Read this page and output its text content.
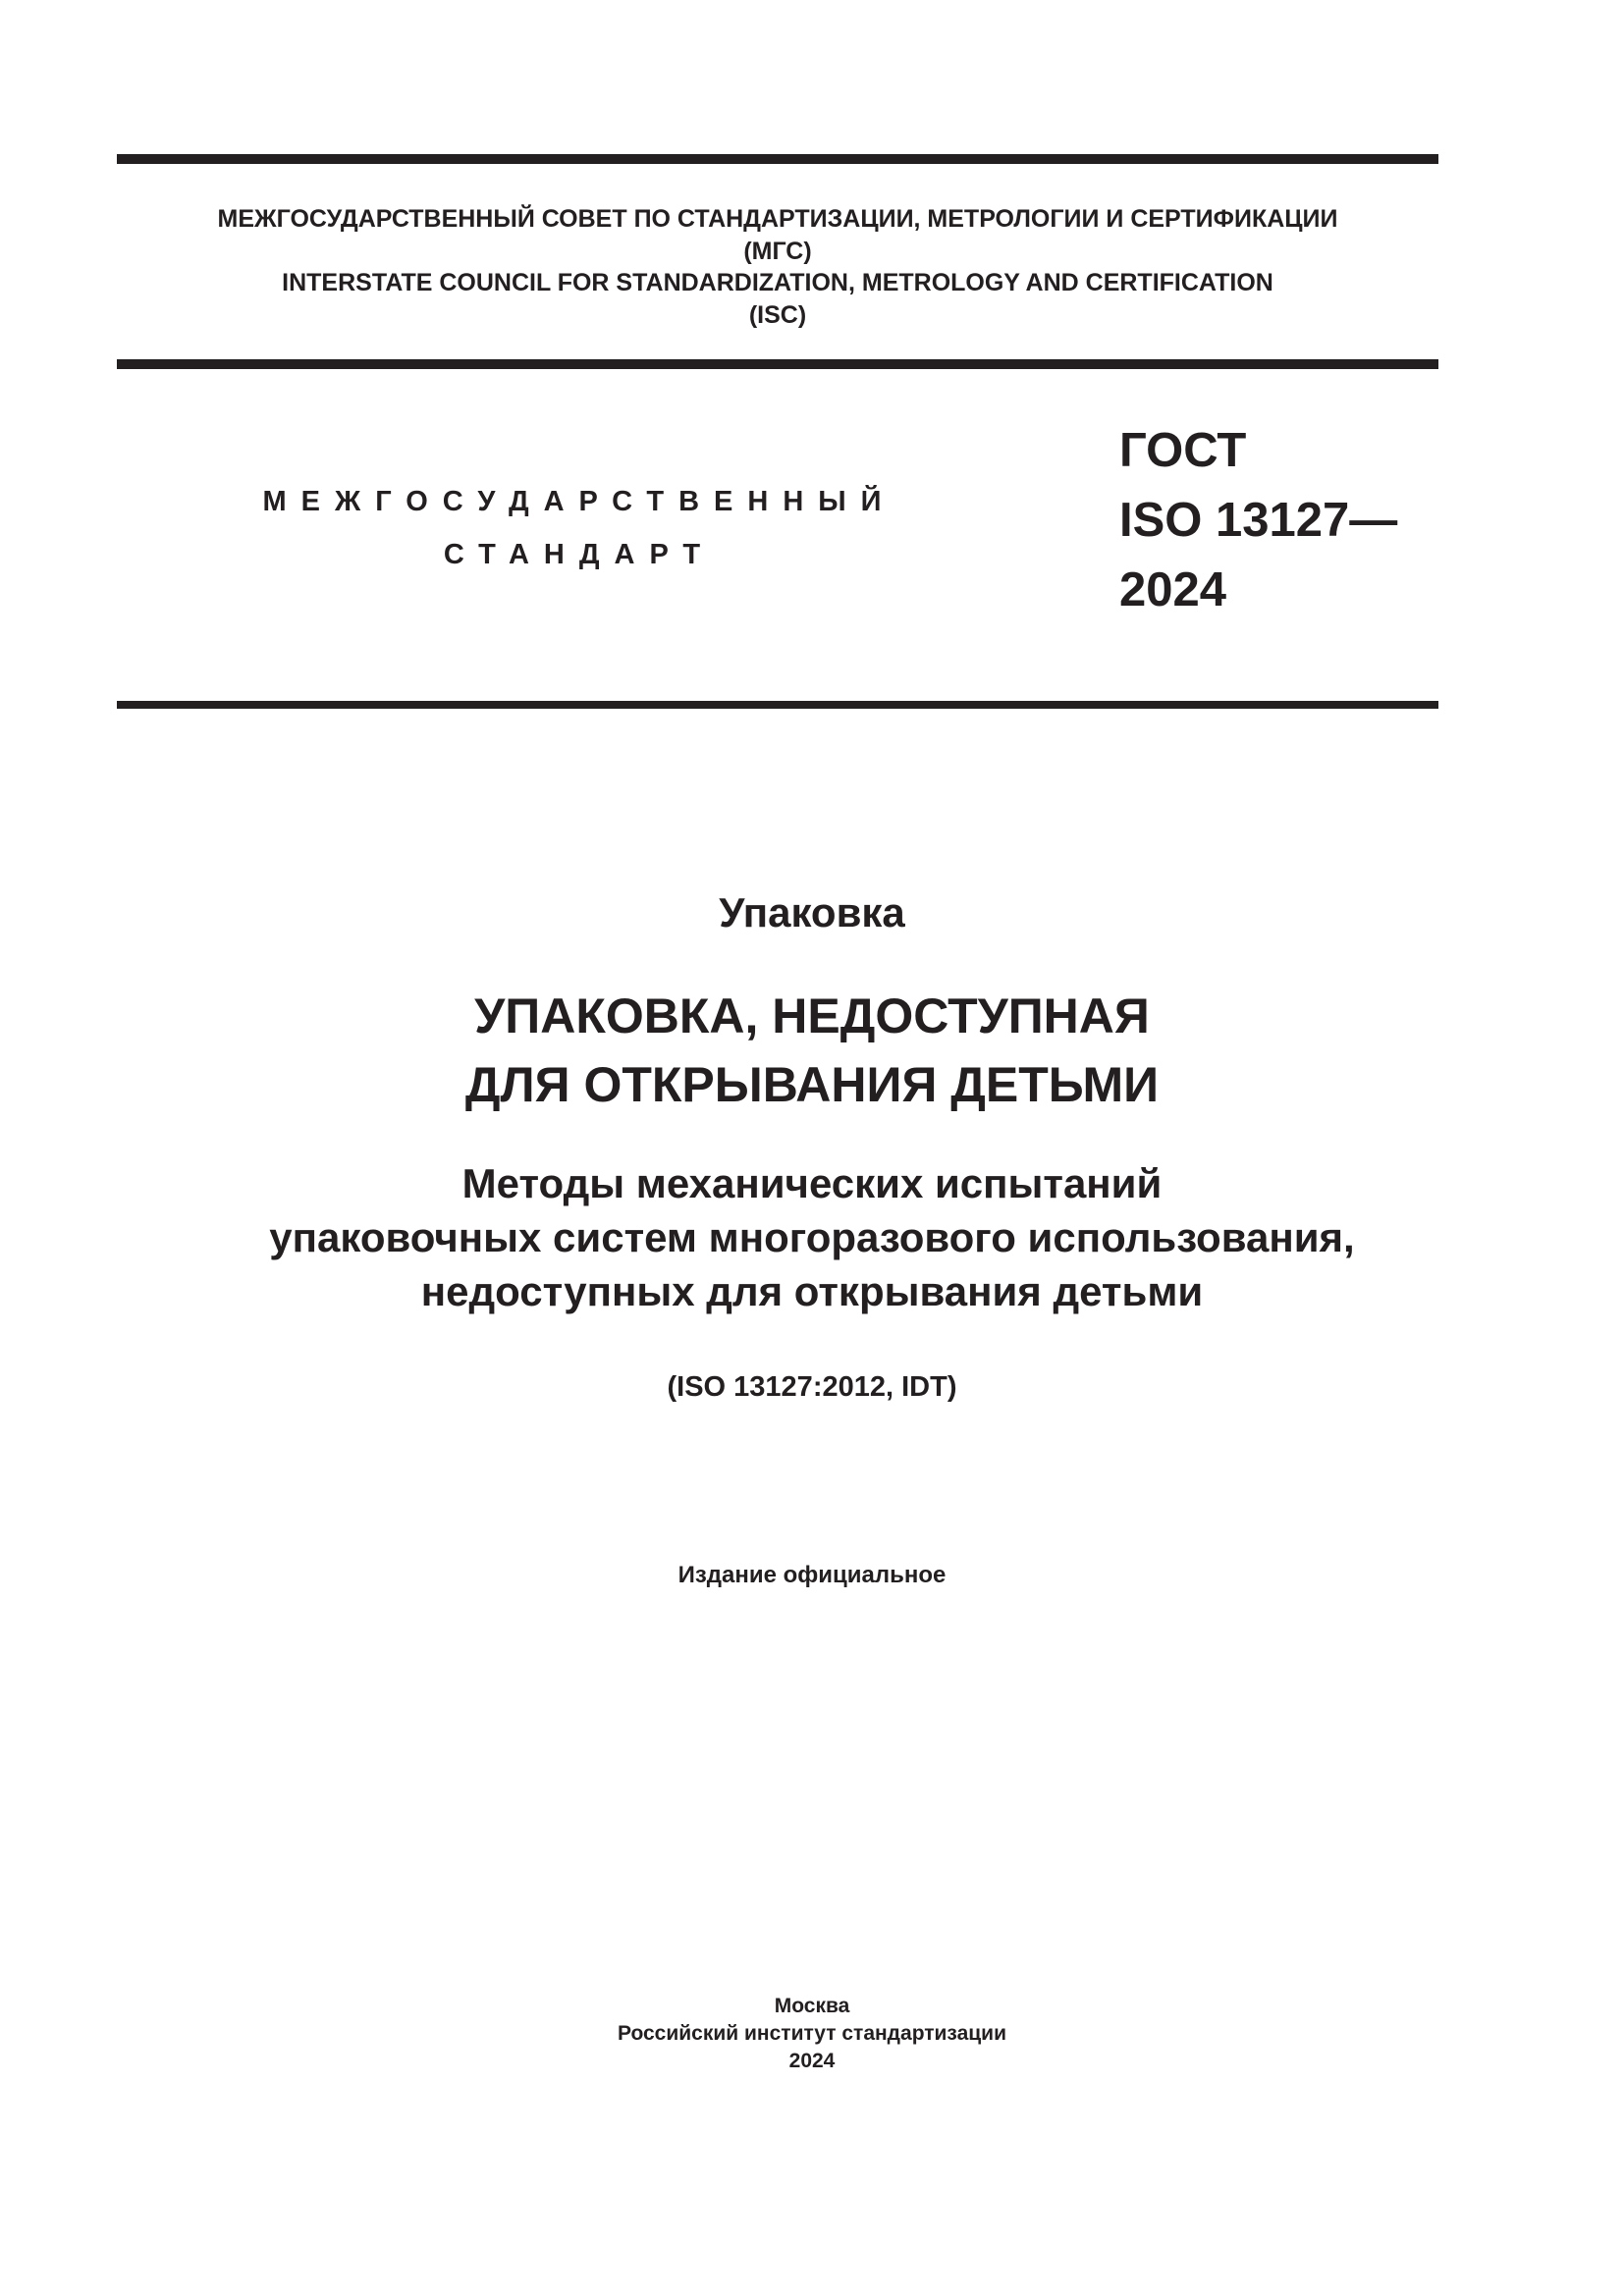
МЕЖГОСУДАРСТВЕННЫЙ СОВЕТ ПО СТАНДАРТИЗАЦИИ, МЕТРОЛОГИИ И СЕРТИФИКАЦИИ
(МГС)
INTERSTATE COUNCIL FOR STANDARDIZATION, METROLOGY AND CERTIFICATION
(ISC)
МЕЖГОСУДАРСТВЕННЫЙ
СТАНДАРТ
ГОСТ
ISO 13127—
2024
Упаковка
УПАКОВКА, НЕДОСТУПНАЯ
ДЛЯ ОТКРЫВАНИЯ ДЕТЬМИ
Методы механических испытаний
упаковочных систем многоразового использования,
недоступных для открывания детьми
(ISO 13127:2012, IDT)
Издание официальное
Москва
Российский институт стандартизации
2024
